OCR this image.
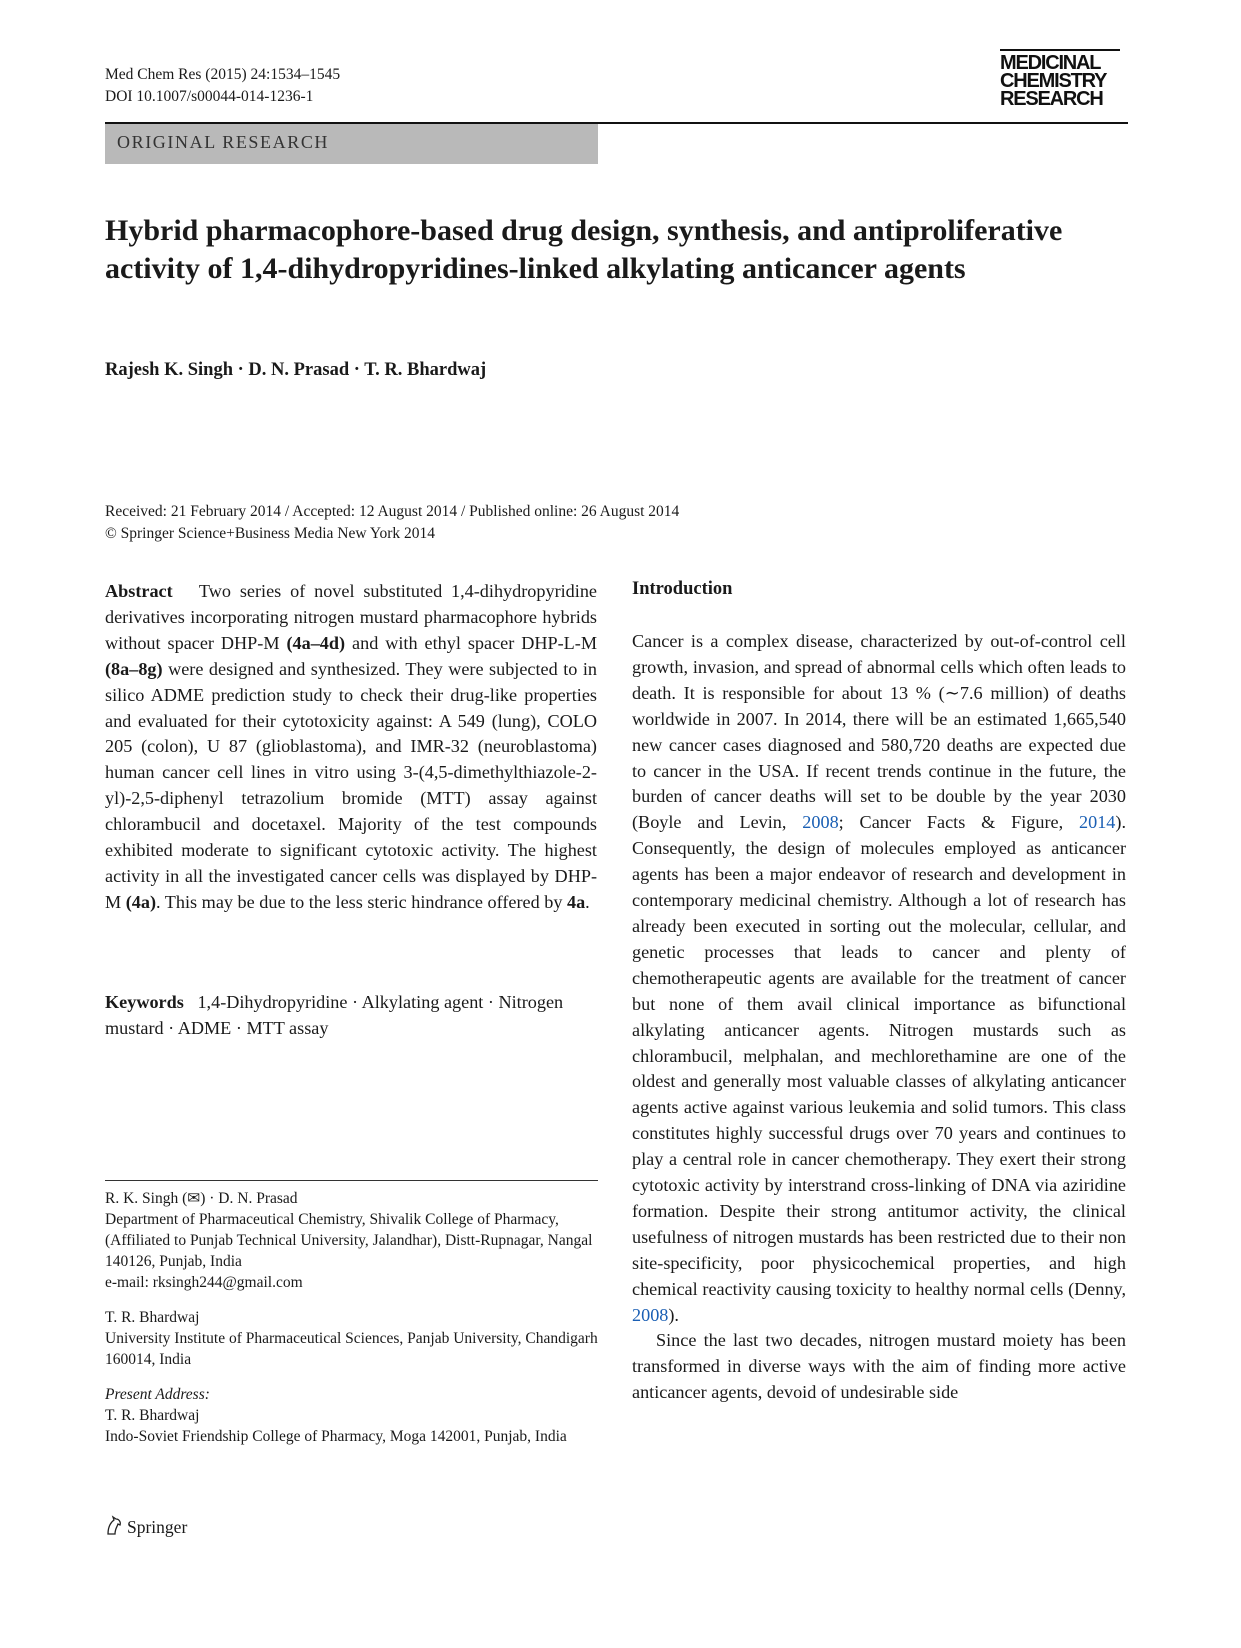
Med Chem Res (2015) 24:1534–1545
DOI 10.1007/s00044-014-1236-1
MEDICINAL
CHEMISTRY
RESEARCH
ORIGINAL RESEARCH
Hybrid pharmacophore-based drug design, synthesis, and antiproliferative activity of 1,4-dihydropyridines-linked alkylating anticancer agents
Rajesh K. Singh · D. N. Prasad · T. R. Bhardwaj
Received: 21 February 2014 / Accepted: 12 August 2014 / Published online: 26 August 2014
© Springer Science+Business Media New York 2014
Abstract Two series of novel substituted 1,4-dihydropyridine derivatives incorporating nitrogen mustard pharmacophore hybrids without spacer DHP-M (4a–4d) and with ethyl spacer DHP-L-M (8a–8g) were designed and synthesized. They were subjected to in silico ADME prediction study to check their drug-like properties and evaluated for their cytotoxicity against: A 549 (lung), COLO 205 (colon), U 87 (glioblastoma), and IMR-32 (neuroblastoma) human cancer cell lines in vitro using 3-(4,5-dimethylthiazole-2-yl)-2,5-diphenyl tetrazolium bromide (MTT) assay against chlorambucil and docetaxel. Majority of the test compounds exhibited moderate to significant cytotoxic activity. The highest activity in all the investigated cancer cells was displayed by DHP-M (4a). This may be due to the less steric hindrance offered by 4a.
Keywords 1,4-Dihydropyridine · Alkylating agent · Nitrogen mustard · ADME · MTT assay

R. K. Singh (✉) · D. N. Prasad

Department of Pharmaceutical Chemistry, Shivalik College of Pharmacy, (Affiliated to Punjab Technical University, Jalandhar), Distt-Rupnagar, Nangal 140126, Punjab, India

e-mail: rksingh244@gmail.com

T. R. Bhardwaj

University Institute of Pharmaceutical Sciences, Panjab University, Chandigarh 160014, India

Present Address:

T. R. Bhardwaj

Indo-Soviet Friendship College of Pharmacy, Moga 142001, Punjab, India

Introduction

Cancer is a complex disease, characterized by out-of-control cell growth, invasion, and spread of abnormal cells which often leads to death. It is responsible for about 13 % (∼7.6 million) of deaths worldwide in 2007. In 2014, there will be an estimated 1,665,540 new cancer cases diagnosed and 580,720 deaths are expected due to cancer in the USA. If recent trends continue in the future, the burden of cancer deaths will set to be double by the year 2030 (Boyle and Levin, 2008; Cancer Facts & Figure, 2014). Consequently, the design of molecules employed as anticancer agents has been a major endeavor of research and development in contemporary medicinal chemistry. Although a lot of research has already been executed in sorting out the molecular, cellular, and genetic processes that leads to cancer and plenty of chemotherapeutic agents are available for the treatment of cancer but none of them avail clinical importance as bifunctional alkylating anticancer agents. Nitrogen mustards such as chlorambucil, melphalan, and mechlorethamine are one of the oldest and generally most valuable classes of alkylating anticancer agents active against various leukemia and solid tumors. This class constitutes highly successful drugs over 70 years and continues to play a central role in cancer chemotherapy. They exert their strong cytotoxic activity by interstrand cross-linking of DNA via aziridine formation. Despite their strong antitumor activity, the clinical usefulness of nitrogen mustards has been restricted due to their non site-specificity, poor physicochemical properties, and high chemical reactivity causing toxicity to healthy normal cells (Denny, 2008).

Since the last two decades, nitrogen mustard moiety has been transformed in diverse ways with the aim of finding more active anticancer agents, devoid of undesirable side

Springer
